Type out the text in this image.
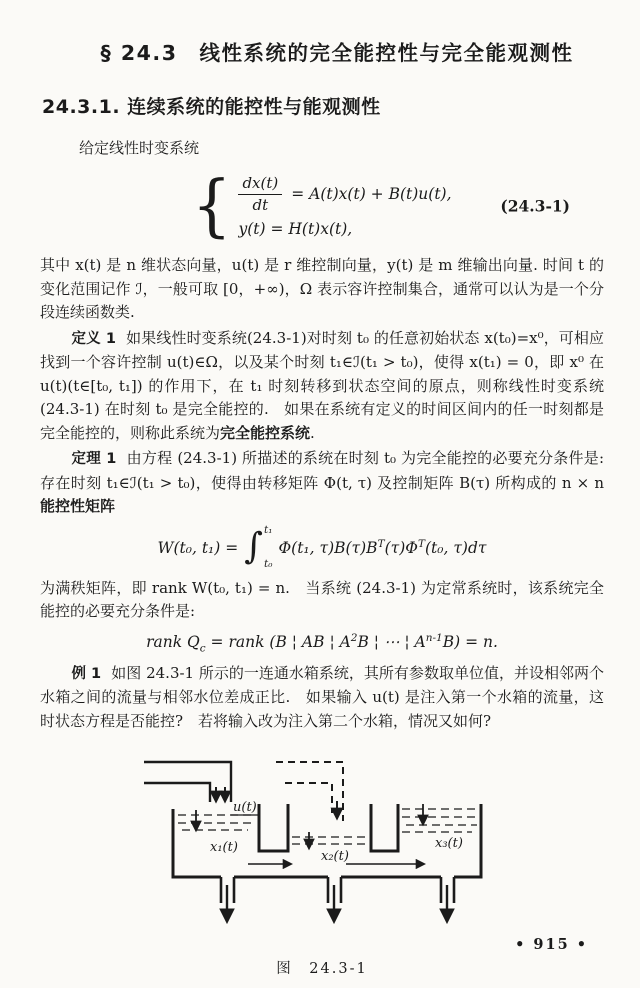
§ 24.3　线性系统的完全能控性与完全能观测性
24.3.1. 连续系统的能控性与能观测性

给定线性时变系统

{ $\frac{dx(t)}{dt} = A(t)x(t) + B(t)u(t)$,
y(t) = H(t)x(t),
(24.3-1)

其中 x(t) 是 n 维状态向量，u(t) 是 r 维控制向量，y(t) 是 m 维输出向量. 时间 t 的变化范围记作 ℐ，一般可取 [0，+∞)，Ω 表示容许控制集合，通常可以认为是一个分段连续函数类.

定义 1 如果线性时变系统(24.3-1)对时刻 t₀ 的任意初始状态 x(t₀)=x⁰，可相应找到一个容许控制 u(t)∈Ω，以及某个时刻 t₁∈ℐ(t₁ > t₀)，使得 x(t₁) = 0，即 x⁰ 在 u(t)(t∈[t₀, t₁]) 的作用下，在 t₁ 时刻转移到状态空间的原点，则称线性时变系统 (24.3-1) 在时刻 t₀ 是完全能控的.　如果在系统有定义的时间区间内的任一时刻都是完全能控的，则称此系统为完全能控系统.

定理 1 由方程 (24.3-1) 所描述的系统在时刻 t₀ 为完全能控的必要充分条件是: 存在时刻 t₁∈ℐ(t₁ > t₀)，使得由转移矩阵 Φ(t, τ) 及控制矩阵 B(τ) 所构成的 n × n 能控性矩阵

W(t₀, t₁) = ∫ t₁
t₀
Φ(t₁, $\tau)B(\tau)B^T(\tau)\Phi^T(t_0$, τ)dτ

为满秩矩阵，即 rank W(t₀, t₁) = n.　当系统 (24.3-1) 为定常系统时，该系统完全能控的必要充分条件是:

rank $Q_c$ = rank (B ¦ AB ¦ $A^2B$ ¦ ⋯ ¦ $A^{n-1}B) = n$.

例 1 如图 24.3-1 所示的一连通水箱系统，其所有参数取单位值，并设相邻两个水箱之间的流量与相邻水位差成正比.　如果输入 u(t) 是注入第一个水箱的流量，这时状态方程是否能控?　若将输入改为注入第二个水箱，情况又如何?

u(t)
x₁(t)
x₂(t)
x₃(t)
图　24.3-1
• 915 •
